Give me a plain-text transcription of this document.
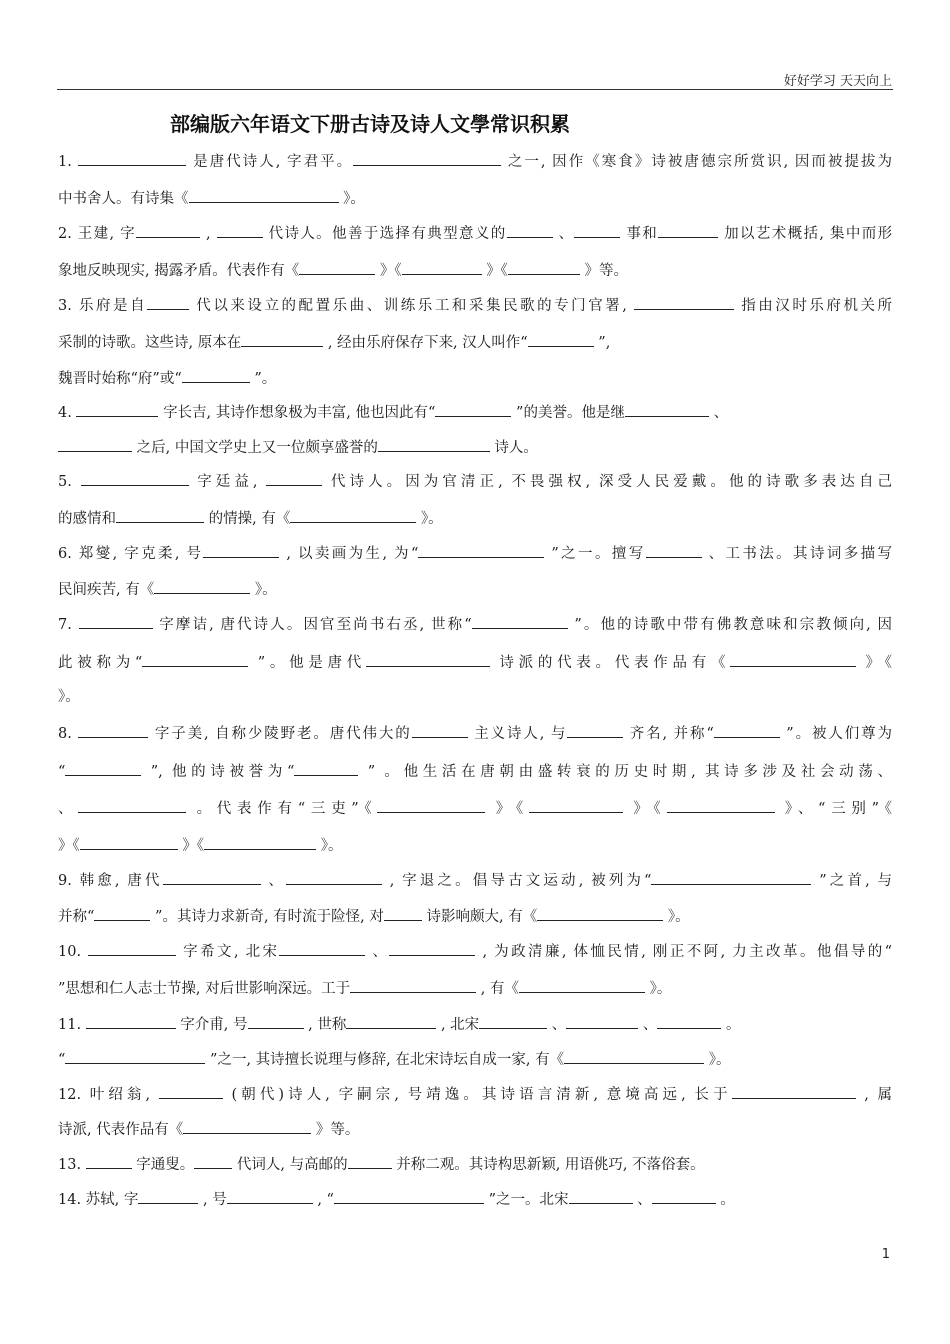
好好学习 天天向上
部编版六年语文下册古诗及诗人文學常识积累
1.	是唐代诗人, 字君平。	之一, 因作《寒食》诗被唐德宗所赏识, 因而被提拔为
中书舍人。有诗集《	》。
2. 王建, 字	,	代诗人。他善于选择有典型意义的	、	事和	加以艺术概括, 集中而形
象地反映现实, 揭露矛盾。代表作有《	》《	》《	》等。
3. 乐府是自	代以来设立的配置乐曲、训练乐工和采集民歌的专门官署,	指由汉时乐府机关所
采制的诗歌。这些诗, 原本在	, 经由乐府保存下来, 汉人叫作“	”,
魏晋时始称“府”或“	”。
4.	字长吉, 其诗作想象极为丰富, 他也因此有“	”的美誉。他是继	、
之后, 中国文学史上又一位颇享盛誉的	诗人。
5.	字廷益,	代诗人。因为官清正, 不畏强权, 深受人民爱戴。他的诗歌多表达自己
的感情和	的情操, 有《	》。
6. 郑燮, 字克柔, 号	, 以卖画为生, 为“	”之一。擅写	、工书法。其诗词多描写
民间疾苦, 有《	》。
7.	字摩诘, 唐代诗人。因官至尚书右丞, 世称“	”。他的诗歌中带有佛教意味和宗教倾向, 因
此被称为“	”。他是唐代	诗派的代表。代表作品有《	》《
》。
8.	字子美, 自称少陵野老。唐代伟大的	主义诗人, 与	齐名, 并称“	”。被人们尊为
“	”, 他的诗被誉为“	” 。他生活在唐朝由盛转衰的历史时期, 其诗多涉及社会动荡、
、	。代表作有“三吏”《	》《	》《	》、“三别”《
》《	》《	》。
9. 韩愈, 唐代	、	, 字退之。倡导古文运动, 被列为“	”之首, 与
并称“	”。其诗力求新奇, 有时流于险怪, 对	诗影响颇大, 有《	》。
10.	字希文, 北宋	、	, 为政清廉, 体恤民情, 刚正不阿, 力主改革。他倡导的“
”思想和仁人志士节操, 对后世影响深远。工于	, 有《	》。
11.	字介甫, 号	, 世称	, 北宋	、	、	。
“	”之一, 其诗擅长说理与修辞, 在北宋诗坛自成一家, 有《	》。
12. 叶绍翁,	(朝代)诗人, 字嗣宗, 号靖逸。其诗语言清新, 意境高远, 长于	, 属
诗派, 代表作品有《	》等。
13.	字通叟。	代词人, 与高邮的	并称二观。其诗构思新颖, 用语佻巧, 不落俗套。
14. 苏轼, 字	, 号	, “	”之一。北宋	、	。
1
